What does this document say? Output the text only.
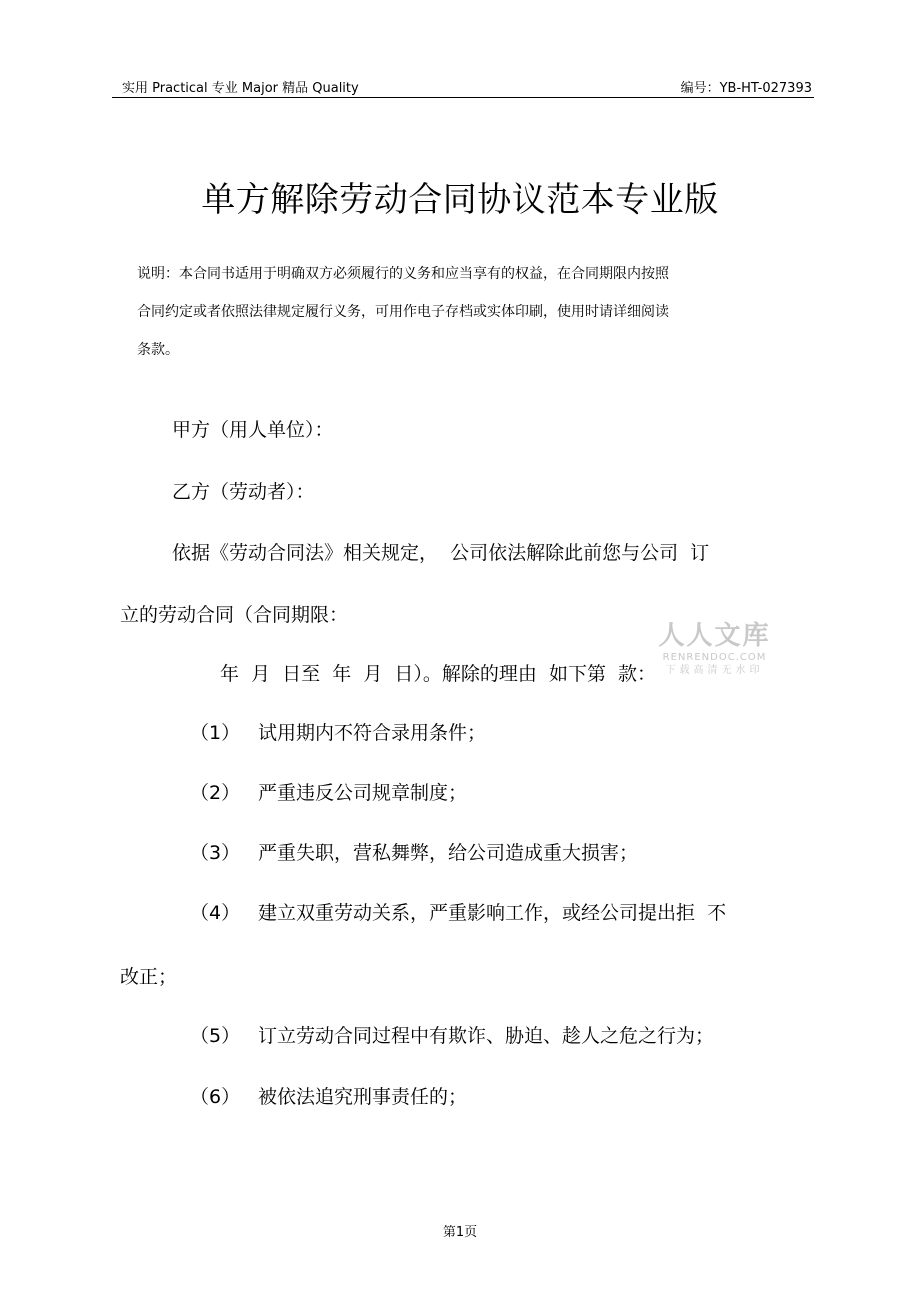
实用 Practical 专业 Major 精品 Quality	编号：YB-HT-027393
单方解除劳动合同协议范本专业版
说明：本合同书适用于明确双方必须履行的义务和应当享有的权益，在合同期限内按照
合同约定或者依照法律规定履行义务，可用作电子存档或实体印刷，使用时请详细阅读
条款。
甲方（用人单位）：
乙方（劳动者）：
依据《劳动合同法》相关规定，  公司依法解除此前您与公司  订
立的劳动合同（合同期限：
年  月  日至  年  月  日）。解除的理由  如下第  款：
人人文库
RENRENDOC.COM
下载高清无水印
（1） 试用期内不符合录用条件；
（2） 严重违反公司规章制度；
（3） 严重失职，营私舞弊，给公司造成重大损害；
（4） 建立双重劳动关系，严重影响工作，或经公司提出拒  不
改正；
（5） 订立劳动合同过程中有欺诈、胁迫、趁人之危之行为；
（6） 被依法追究刑事责任的；
第1页
